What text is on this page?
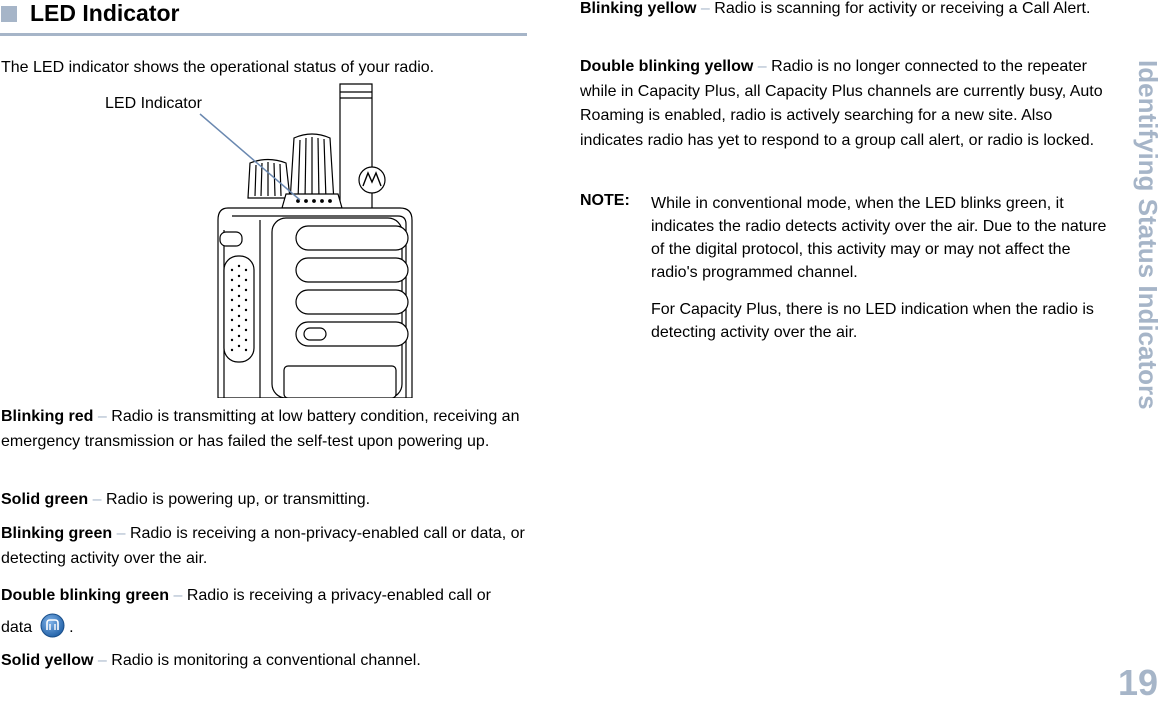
LED Indicator
The LED indicator shows the operational status of your radio.
LED Indicator
Blinking red – Radio is transmitting at low battery condition, receiving an emergency transmission or has failed the self-test upon powering up.
Solid green – Radio is powering up, or transmitting.
Blinking green – Radio is receiving a non-privacy-enabled call or data, or detecting activity over the air.
Double blinking green – Radio is receiving a privacy-enabled call or data .
Solid yellow – Radio is monitoring a conventional channel.
Blinking yellow – Radio is scanning for activity or receiving a Call Alert.
Double blinking yellow – Radio is no longer connected to the repeater while in Capacity Plus, all Capacity Plus channels are currently busy, Auto Roaming is enabled, radio is actively searching for a new site. Also indicates radio has yet to respond to a group call alert, or radio is locked.
NOTE: While in conventional mode, when the LED blinks green, it indicates the radio detects activity over the air. Due to the nature of the digital protocol, this activity may or may not affect the radio's programmed channel.

For Capacity Plus, there is no LED indication when the radio is detecting activity over the air.	Identifying Status Indicators
19
